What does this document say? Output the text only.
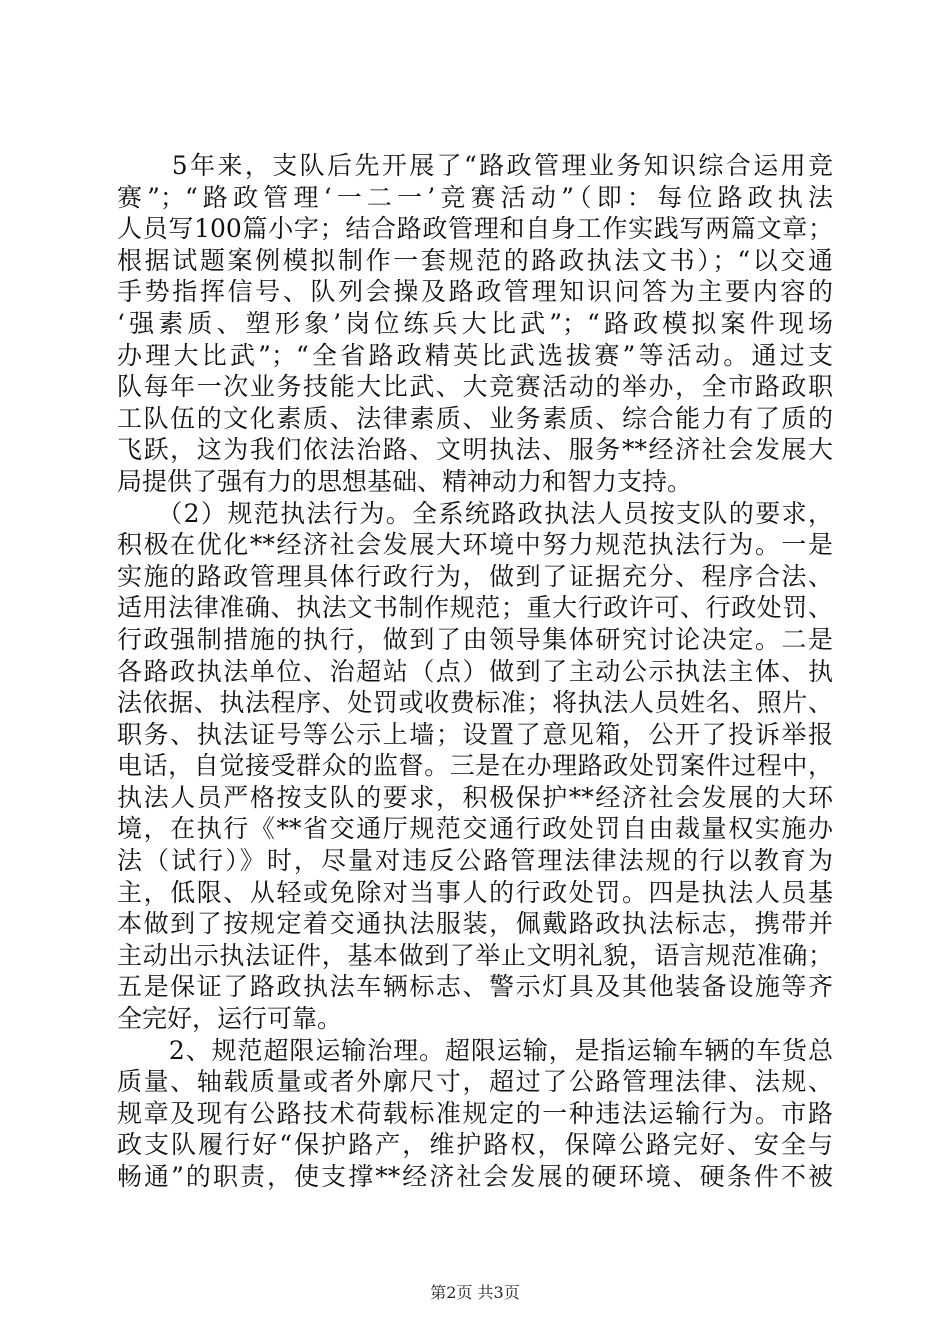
　　5年来，支队后先开展了“路政管理业务知识综合运用竞
赛”；“路政管理‘一二一’竞赛活动”（即：每位路政执法
人员写100篇小字；结合路政管理和自身工作实践写两篇文章；
根据试题案例模拟制作一套规范的路政执法文书）；“以交通
手势指挥信号、队列会操及路政管理知识问答为主要内容的
‘强素质、塑形象’岗位练兵大比武”；“路政模拟案件现场
办理大比武”；“全省路政精英比武选拔赛”等活动。通过支
队每年一次业务技能大比武、大竞赛活动的举办，全市路政职
工队伍的文化素质、法律素质、业务素质、综合能力有了质的
飞跃，这为我们依法治路、文明执法、服务**经济社会发展大
局提供了强有力的思想基础、精神动力和智力支持。
　　（2）规范执法行为。全系统路政执法人员按支队的要求，
积极在优化**经济社会发展大环境中努力规范执法行为。一是
实施的路政管理具体行政行为，做到了证据充分、程序合法、
适用法律准确、执法文书制作规范；重大行政许可、行政处罚、
行政强制措施的执行，做到了由领导集体研究讨论决定。二是
各路政执法单位、治超站（点）做到了主动公示执法主体、执
法依据、执法程序、处罚或收费标准；将执法人员姓名、照片、
职务、执法证号等公示上墙；设置了意见箱，公开了投诉举报
电话，自觉接受群众的监督。三是在办理路政处罚案件过程中，
执法人员严格按支队的要求，积极保护**经济社会发展的大环
境，在执行《**省交通厅规范交通行政处罚自由裁量权实施办
法（试行）》时，尽量对违反公路管理法律法规的行以教育为
主，低限、从轻或免除对当事人的行政处罚。四是执法人员基
本做到了按规定着交通执法服装，佩戴路政执法标志，携带并
主动出示执法证件，基本做到了举止文明礼貌，语言规范准确；
五是保证了路政执法车辆标志、警示灯具及其他装备设施等齐
全完好，运行可靠。
　　2、规范超限运输治理。超限运输，是指运输车辆的车货总
质量、轴载质量或者外廓尺寸，超过了公路管理法律、法规、
规章及现有公路技术荷载标准规定的一种违法运输行为。市路
政支队履行好“保护路产，维护路权，保障公路完好、安全与
畅通”的职责，使支撑**经济社会发展的硬环境、硬条件不被
第2页 共3页
